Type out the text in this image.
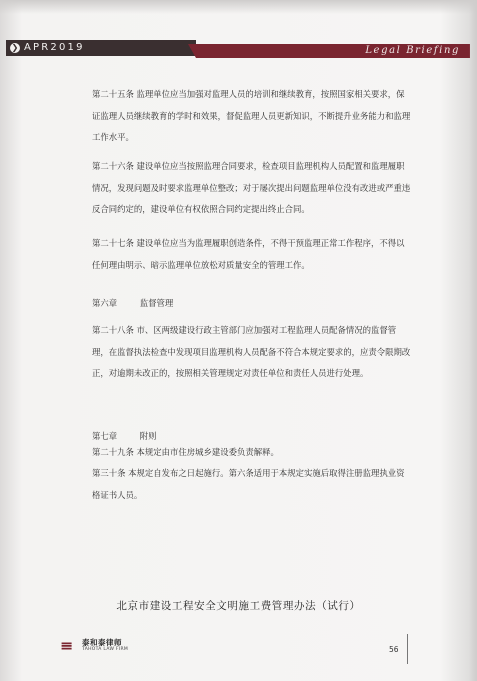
❯ APR2019	Legal Briefing
第二十五条 监理单位应当加强对监理人员的培训和继续教育，按照国家相关要求，保证监理人员继续教育的学时和效果，督促监理人员更新知识，不断提升业务能力和监理工作水平。
第二十六条 建设单位应当按照监理合同要求，检查项目监理机构人员配置和监理履职情况，发现问题及时要求监理单位整改；对于屡次提出问题监理单位没有改进或严重违反合同约定的，建设单位有权依照合同约定提出终止合同。
第二十七条 建设单位应当为监理履职创造条件，不得干预监理正常工作程序，不得以任何理由明示、暗示监理单位放松对质量安全的管理工作。
第六章	监督管理
第二十八条 市、区两级建设行政主管部门应加强对工程监理人员配备情况的监督管理，在监督执法检查中发现项目监理机构人员配备不符合本规定要求的，应责令限期改正，对逾期未改正的，按照相关管理规定对责任单位和责任人员进行处理。
第七章	附则
第二十九条 本规定由市住房城乡建设委负责解释。
第三十条 本规定自发布之日起施行。第六条适用于本规定实施后取得注册监理执业资格证书人员。
北京市建设工程安全文明施工费管理办法（试行）
≡	泰和泰律师
TAHOTA LAW FIRM	56
